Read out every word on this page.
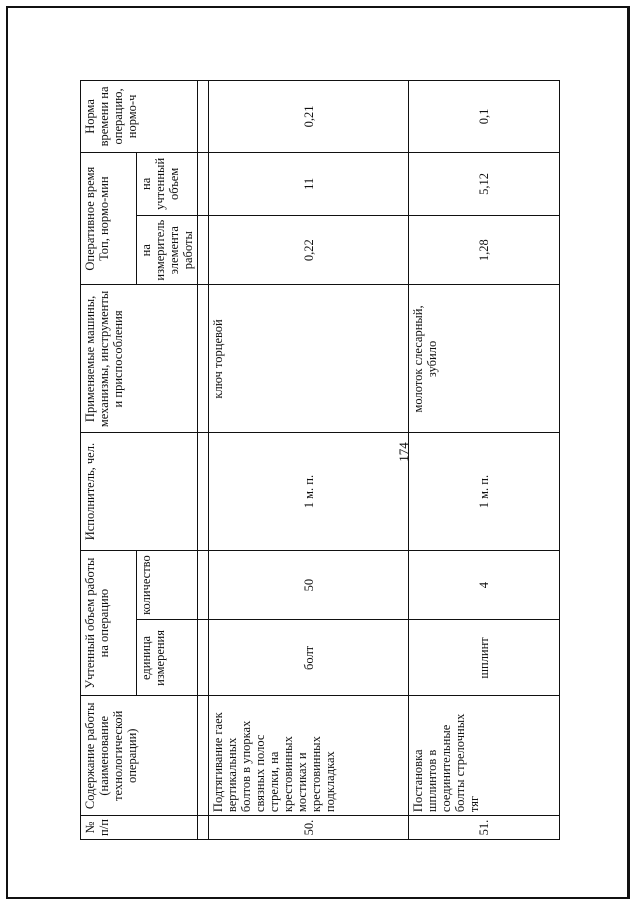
174
№ п/п	Содержание работы (наименование технологической операции)	Учтенный объем работы на операцию		Исполнитель, чел.	Применяемые машины, механизмы, инструменты и приспособления	Оперативное время Топ, нормо-мин		Норма времени на операцию, нормо-ч
		единица измерения	количество			на измеритель элемента работы	на учтенный объем	

50.	Подтягивание гаек вертикальных болтов в упорках связных полос стрелки, на крестовинных мостиках и крестовинных подкладках	болт	50	1 м. п.	ключ торцевой	0,22	11	0,21
51.	Постановка шплинтов в соединительные болты стрелочных тяг	шплинт	4	1 м. п.	молоток слесарный, зубило	1,28	5,12	0,1
